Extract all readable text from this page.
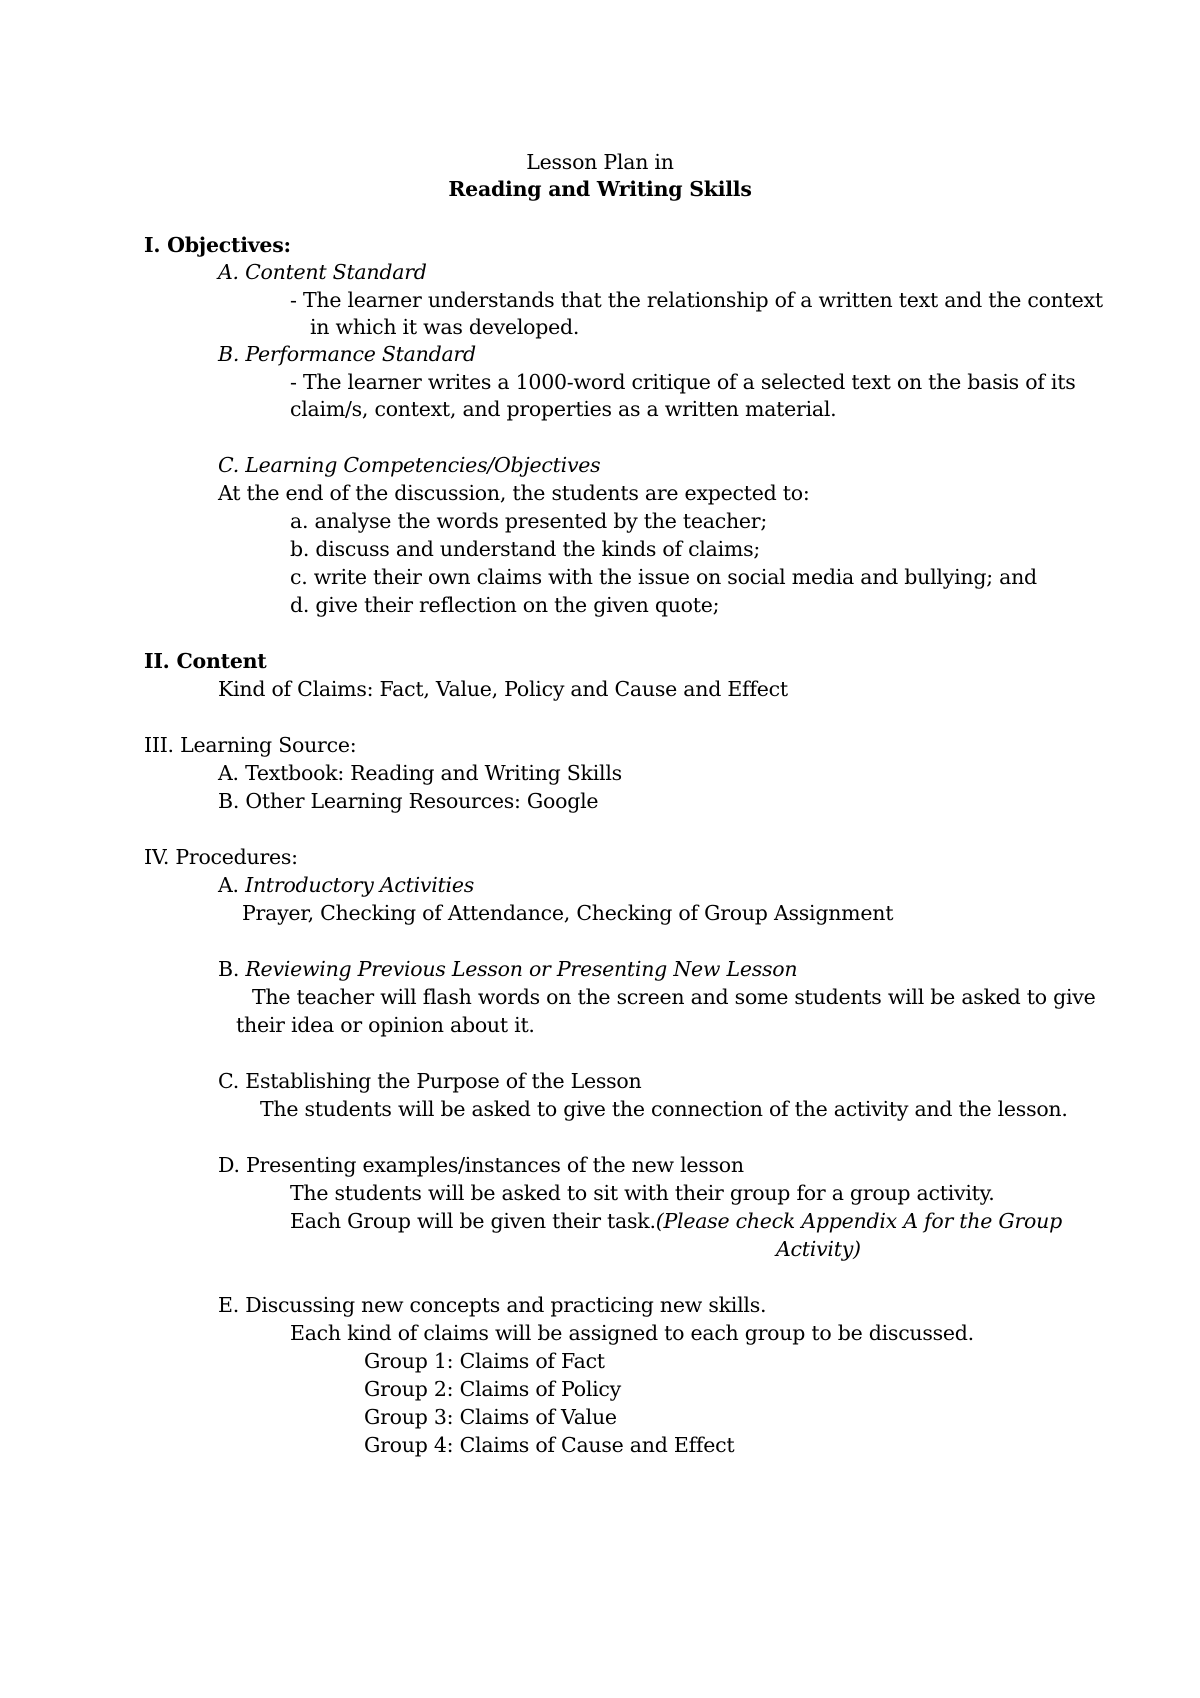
Lesson Plan in
Reading and Writing Skills
I. Objectives:
A. Content Standard
- The learner understands that the relationship of a written text and the context
in which it was developed.
B. Performance Standard
- The learner writes a 1000-word critique of a selected text on the basis of its
claim/s, context, and properties as a written material.
C. Learning Competencies/Objectives
At the end of the discussion, the students are expected to:
a. analyse the words presented by the teacher;
b. discuss and understand the kinds of claims;
c. write their own claims with the issue on social media and bullying; and
d. give their reflection on the given quote;
II. Content
Kind of Claims: Fact, Value, Policy and Cause and Effect
III. Learning Source:
A. Textbook: Reading and Writing Skills
B. Other Learning Resources: Google
IV. Procedures:
A. Introductory Activities
Prayer, Checking of Attendance, Checking of Group Assignment
B. Reviewing Previous Lesson or Presenting New Lesson
The teacher will flash words on the screen and some students will be asked to give
their idea or opinion about it.
C. Establishing the Purpose of the Lesson
The students will be asked to give the connection of the activity and the lesson.
D. Presenting examples/instances of the new lesson
The students will be asked to sit with their group for a group activity.
Each Group will be given their task.(Please check Appendix A for the Group
Activity)
E. Discussing new concepts and practicing new skills.
Each kind of claims will be assigned to each group to be discussed.
Group 1: Claims of Fact
Group 2: Claims of Policy
Group 3: Claims of Value
Group 4: Claims of Cause and Effect
